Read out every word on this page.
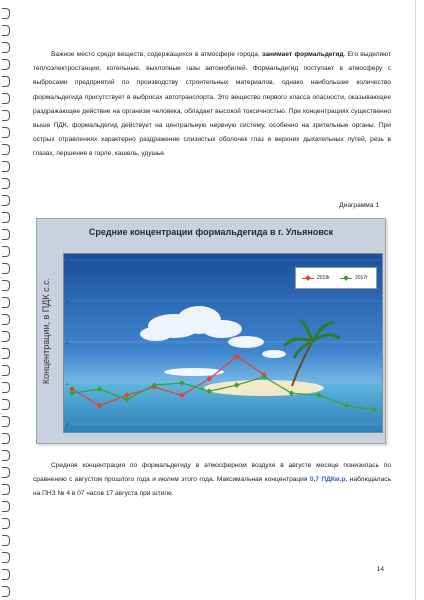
Важное место среди веществ, содержащихся в атмосфере города, занимает формальдегид. Его выделяют теплоэлектростанции, котельные, выхлопные газы автомобилей. Формальдегид поступает в атмосферу с выбросами предприятий по производству строительных материалов, однако наибольшее количество формальдегида присутствует в выбросах автотранспорта. Это вещество первого класса опасности, оказывающее раздражающее действие на организм человека, обладает высокой токсичностью. При концентрациях существенно выше ПДК, формальдегид действует на центральную нервную систему, особенно на зрительные органы. При острых отравлениях характерно раздражение слизистых оболочек глаз и верхних дыхательных путей, резь в глазах, першение в горле, кашель, удушье.

Диаграмма 1
Средние концентрации формальдегида в г. Ульяновск
Концентрации, в ПДК с.с.
0
1
2
3
4
2018г	2017г

Средняя концентрация по формальдегиду в атмосферном воздухе в августе месяце понизилась по сравнению с августом прошлого года и июлем этого года. Максимальная концентрация 0,7 ПДКм.р. наблюдалась на ПНЗ № 4 в 07 часов 17 августа при штиле.

14
